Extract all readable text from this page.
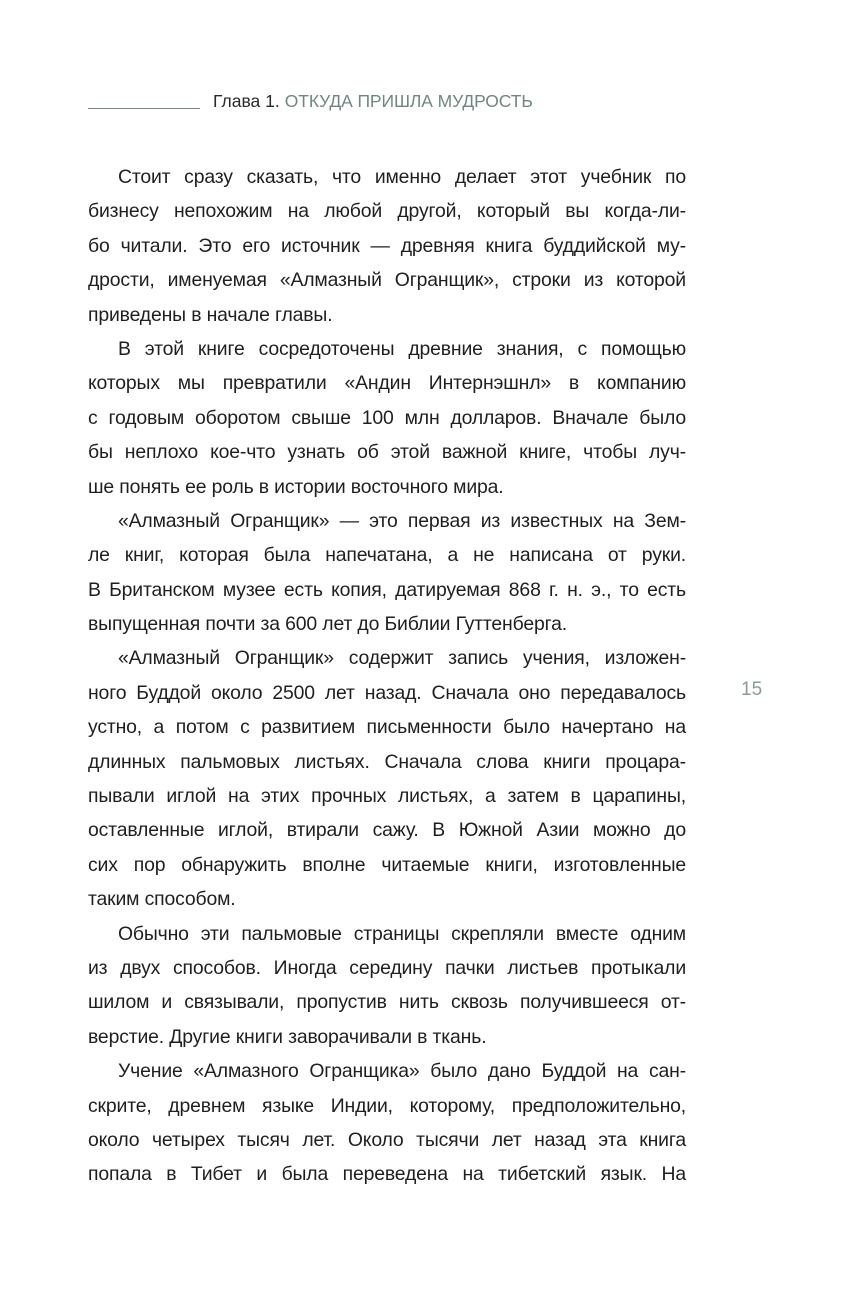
Глава 1. ОТКУДА ПРИШЛА МУДРОСТЬ
15
Стоит сразу сказать, что именно делает этот учебник по
бизнесу непохожим на любой другой, который вы когда-ли-
бо читали. Это его источник — древняя книга буддийской му-
дрости, именуемая «Алмазный Огранщик», строки из которой
приведены в начале главы.
В этой книге сосредоточены древние знания, с помощью
которых мы превратили «Андин Интернэшнл» в компанию
с годовым оборотом свыше 100 млн долларов. Вначале было
бы неплохо кое-что узнать об этой важной книге, чтобы луч-
ше понять ее роль в истории восточного мира.
«Алмазный Огранщик» — это первая из известных на Зем-
ле книг, которая была напечатана, а не написана от руки.
В Британском музее есть копия, датируемая 868 г. н. э., то есть
выпущенная почти за 600 лет до Библии Гуттенберга.
«Алмазный Огранщик» содержит запись учения, изложен-
ного Буддой около 2500 лет назад. Сначала оно передавалось
устно, а потом с развитием письменности было начертано на
длинных пальмовых листьях. Сначала слова книги процара-
пывали иглой на этих прочных листьях, а затем в царапины,
оставленные иглой, втирали сажу. В Южной Азии можно до
сих пор обнаружить вполне читаемые книги, изготовленные
таким способом.
Обычно эти пальмовые страницы скрепляли вместе одним
из двух способов. Иногда середину пачки листьев протыкали
шилом и связывали, пропустив нить сквозь получившееся от-
верстие. Другие книги заворачивали в ткань.
Учение «Алмазного Огранщика» было дано Буддой на сан-
скрите, древнем языке Индии, которому, предположительно,
около четырех тысяч лет. Около тысячи лет назад эта книга
попала в Тибет и была переведена на тибетский язык. На
